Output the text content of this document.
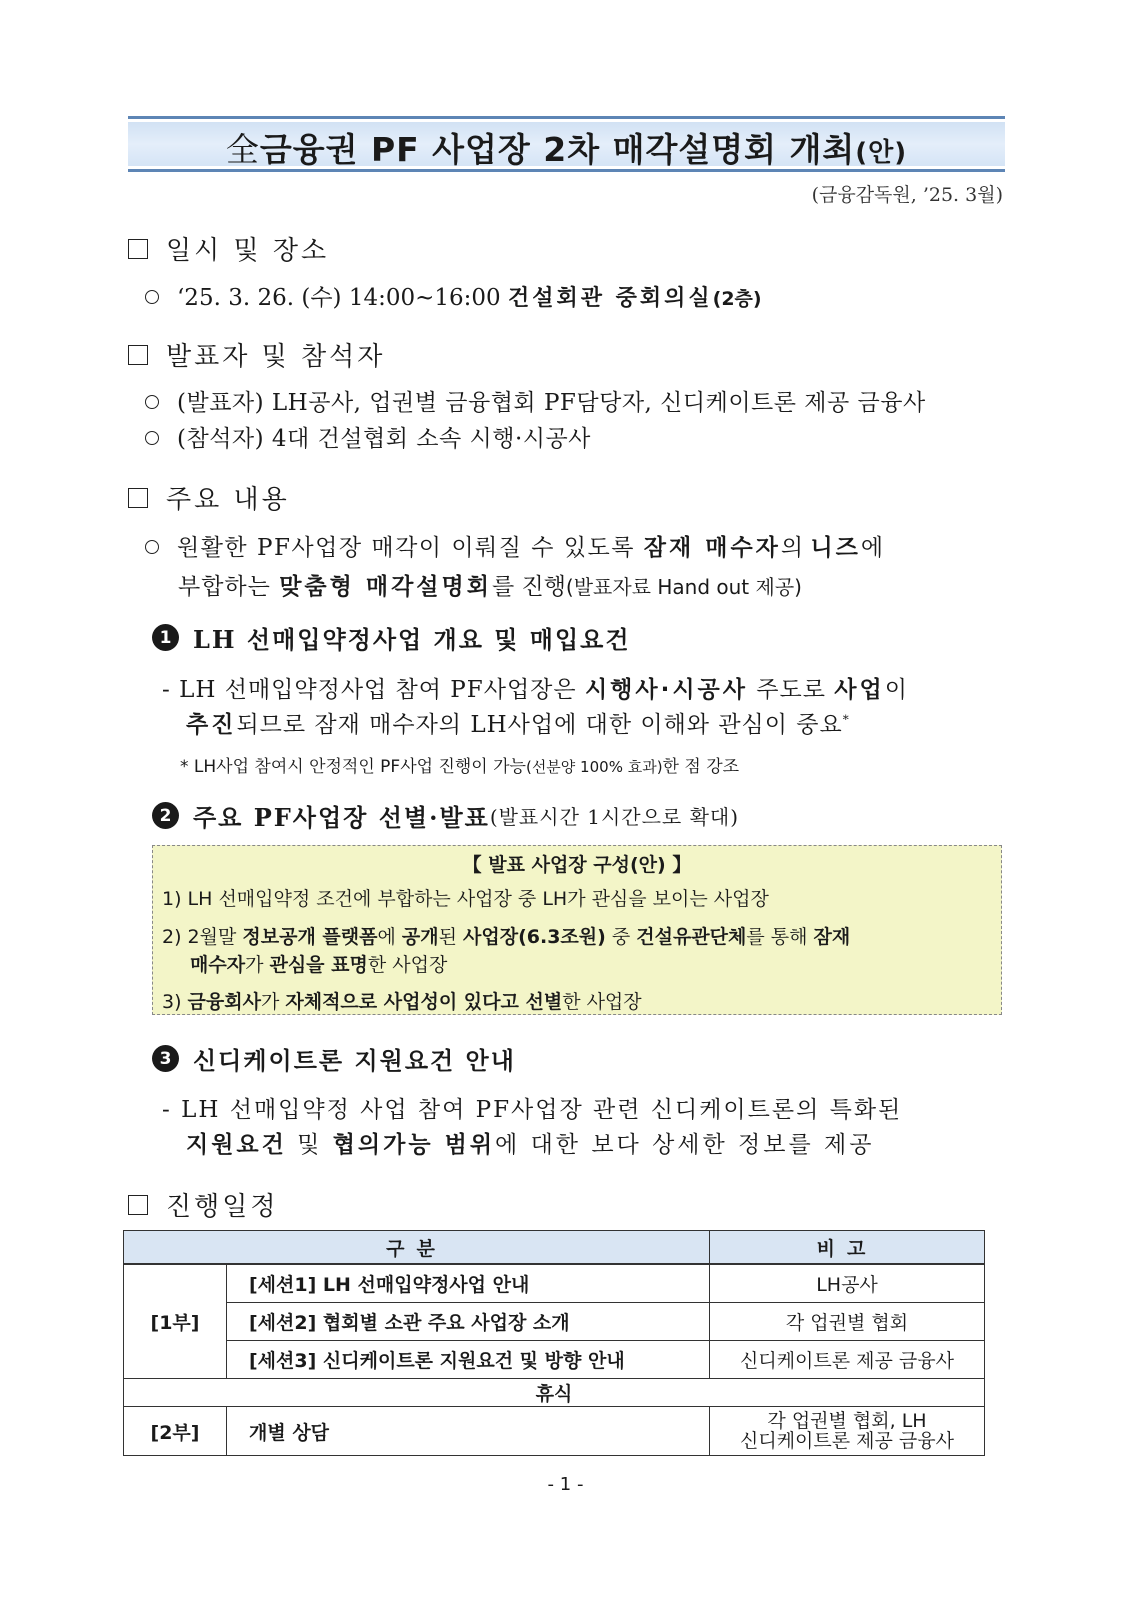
全금융권 PF 사업장 2차 매각설명회 개최(안)
(금융감독원, ’25. 3월)
일시 및 장소
‘25. 3. 26. (수) 14:00~16:00 건설회관 중회의실(2층)
발표자 및 참석자
(발표자) LH공사, 업권별 금융협회 PF담당자, 신디케이트론 제공 금융사
(참석자) 4대 건설협회 소속 시행·시공사
주요 내용
원활한 PF사업장 매각이 이뤄질 수 있도록 잠재 매수자의 니즈에
부합하는 맞춤형 매각설명회를 진행(발표자료 Hand out 제공)
1 LH 선매입약정사업 개요 및 매입요건
- LH 선매입약정사업 참여 PF사업장은 시행사·시공사 주도로 사업이
추진되므로 잠재 매수자의 LH사업에 대한 이해와 관심이 중요*
* LH사업 참여시 안정적인 PF사업 진행이 가능(선분양 100% 효과)한 점 강조
2 주요 PF사업장 선별·발표 (발표시간 1시간으로 확대)
【 발표 사업장 구성(안) 】
1) LH 선매입약정 조건에 부합하는 사업장 중 LH가 관심을 보이는 사업장
2) 2월말 정보공개 플랫폼에 공개된 사업장(6.3조원) 중 건설유관단체를 통해 잠재
매수자가 관심을 표명한 사업장
3) 금융회사가 자체적으로 사업성이 있다고 선별한 사업장
3 신디케이트론 지원요건 안내
- LH 선매입약정 사업 참여 PF사업장 관련 신디케이트론의 특화된
지원요건 및 협의가능 범위에 대한 보다 상세한 정보를 제공
진행일정
구분		비고
[1부]	[세션1] LH 선매입약정사업 안내	LH공사
	[세션2] 협회별 소관 주요 사업장 소개	각 업권별 협회
	[세션3] 신디케이트론 지원요건 및 방향 안내	신디케이트론 제공 금융사
휴식		
[2부]	개별 상담	각 업권별 협회, LH
신디케이트론 제공 금융사
- 1 -
